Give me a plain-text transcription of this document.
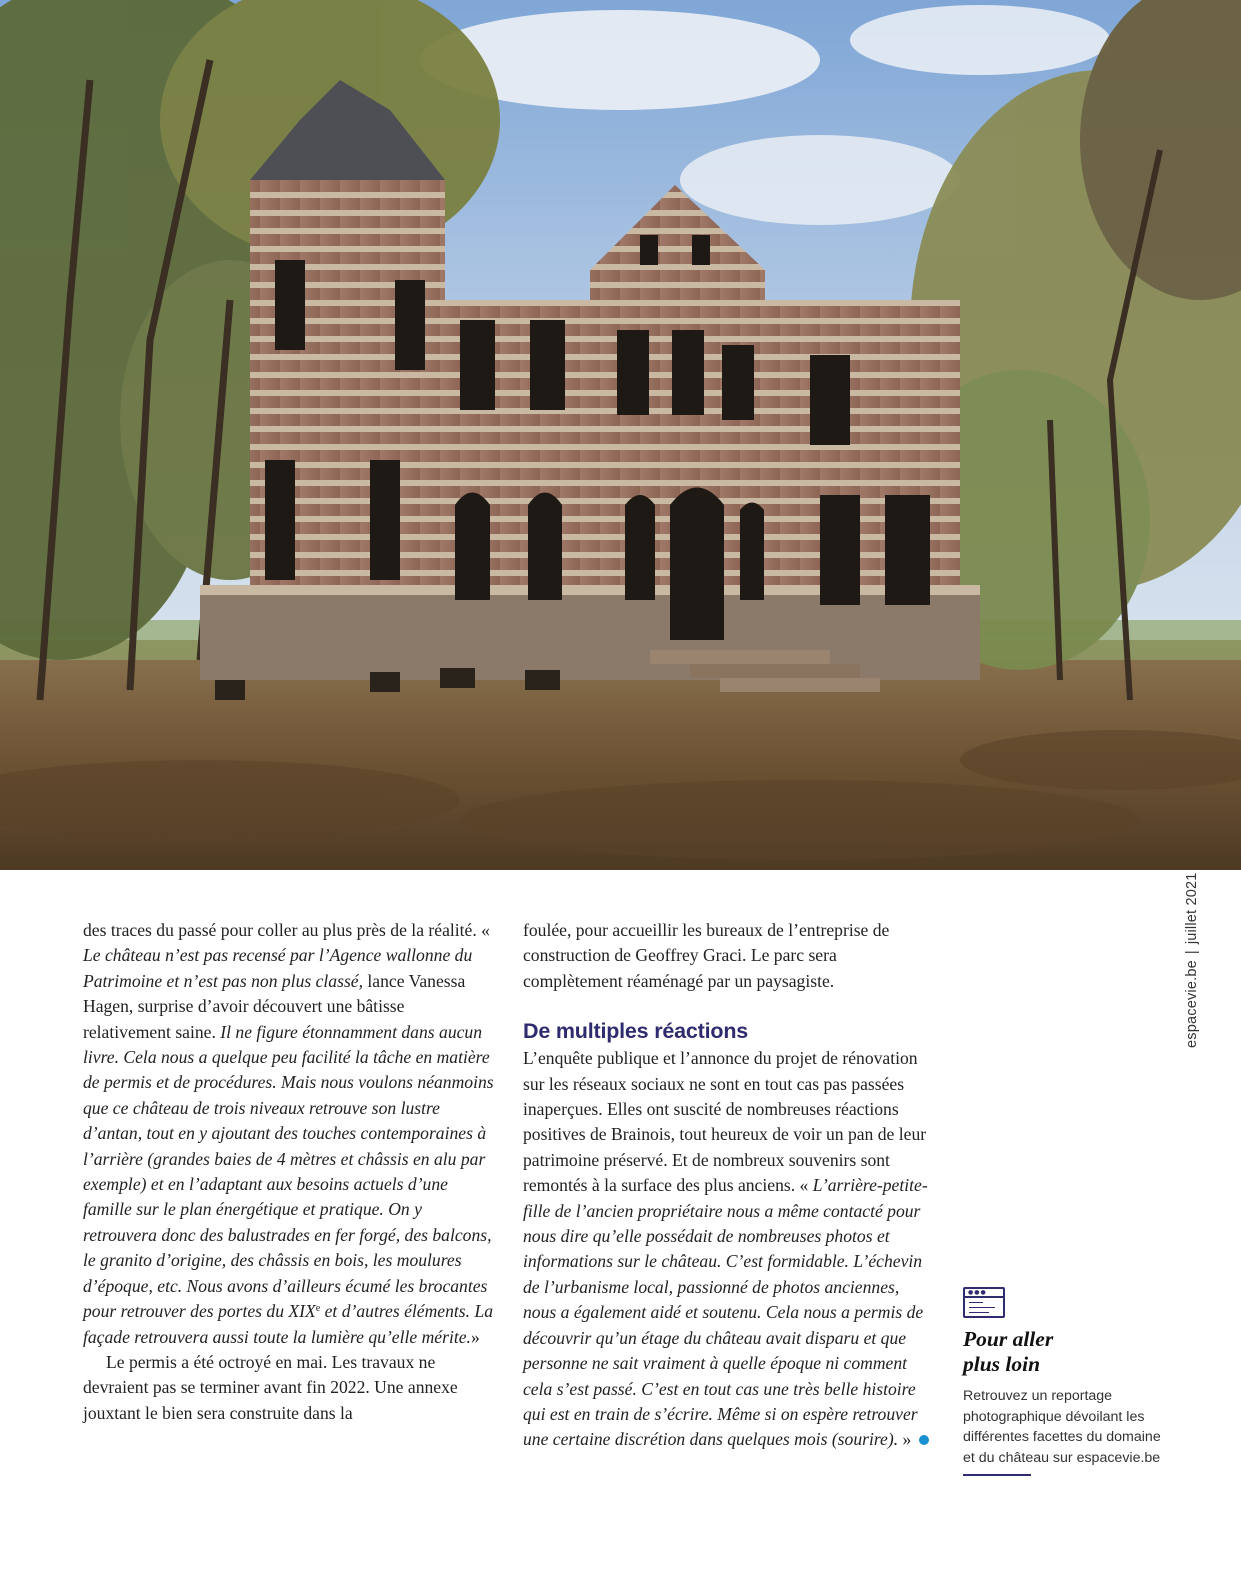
des traces du passé pour coller au plus près de la réalité. « Le château n’est pas recensé par l’Agence wallonne du Patrimoine et n’est pas non plus classé, lance Vanessa Hagen, surprise d’avoir découvert une bâtisse relativement saine. Il ne figure étonnamment dans aucun livre. Cela nous a quelque peu facilité la tâche en matière de permis et de procédures. Mais nous voulons néanmoins que ce château de trois niveaux retrouve son lustre d’antan, tout en y ajoutant des touches contemporaines à l’arrière (grandes baies de 4 mètres et châssis en alu par exemple) et en l’adaptant aux besoins actuels d’une famille sur le plan énergétique et pratique. On y retrouvera donc des balustrades en fer forgé, des balcons, le granito d’origine, des châssis en bois, les moulures d’époque, etc. Nous avons d’ailleurs écumé les brocantes pour retrouver des portes du XIXe et d’autres éléments. La façade retrouvera aussi toute la lumière qu’elle mérite.»

Le permis a été octroyé en mai. Les travaux ne devraient pas se terminer avant fin 2022. Une annexe jouxtant le bien sera construite dans la

foulée, pour accueillir les bureaux de l’entreprise de construction de Geoffrey Graci. Le parc sera complètement réaménagé par un paysagiste.

De multiples réactions

L’enquête publique et l’annonce du projet de rénovation sur les réseaux sociaux ne sont en tout cas pas passées inaperçues. Elles ont suscité de nombreuses réactions positives de Brainois, tout heureux de voir un pan de leur patrimoine préservé. Et de nombreux souvenirs sont remontés à la surface des plus anciens. « L’arrière-petite-fille de l’ancien propriétaire nous a même contacté pour nous dire qu’elle possédait de nombreuses photos et informations sur le château. C’est formidable. L’échevin de l’urbanisme local, passionné de photos anciennes, nous a également aidé et soutenu. Cela nous a permis de découvrir qu’un étage du château avait disparu et que personne ne sait vraiment à quelle époque ni comment cela s’est passé. C’est en tout cas une très belle histoire qui est en train de s’écrire. Même si on espère retrouver une certaine discrétion dans quelques mois (sourire). »

espacevie.be|juillet 2021
●●●
Pour aller
plus loin

Retrouvez un reportage photographique dévoilant les différentes facettes du domaine et du château sur espacevie.be
